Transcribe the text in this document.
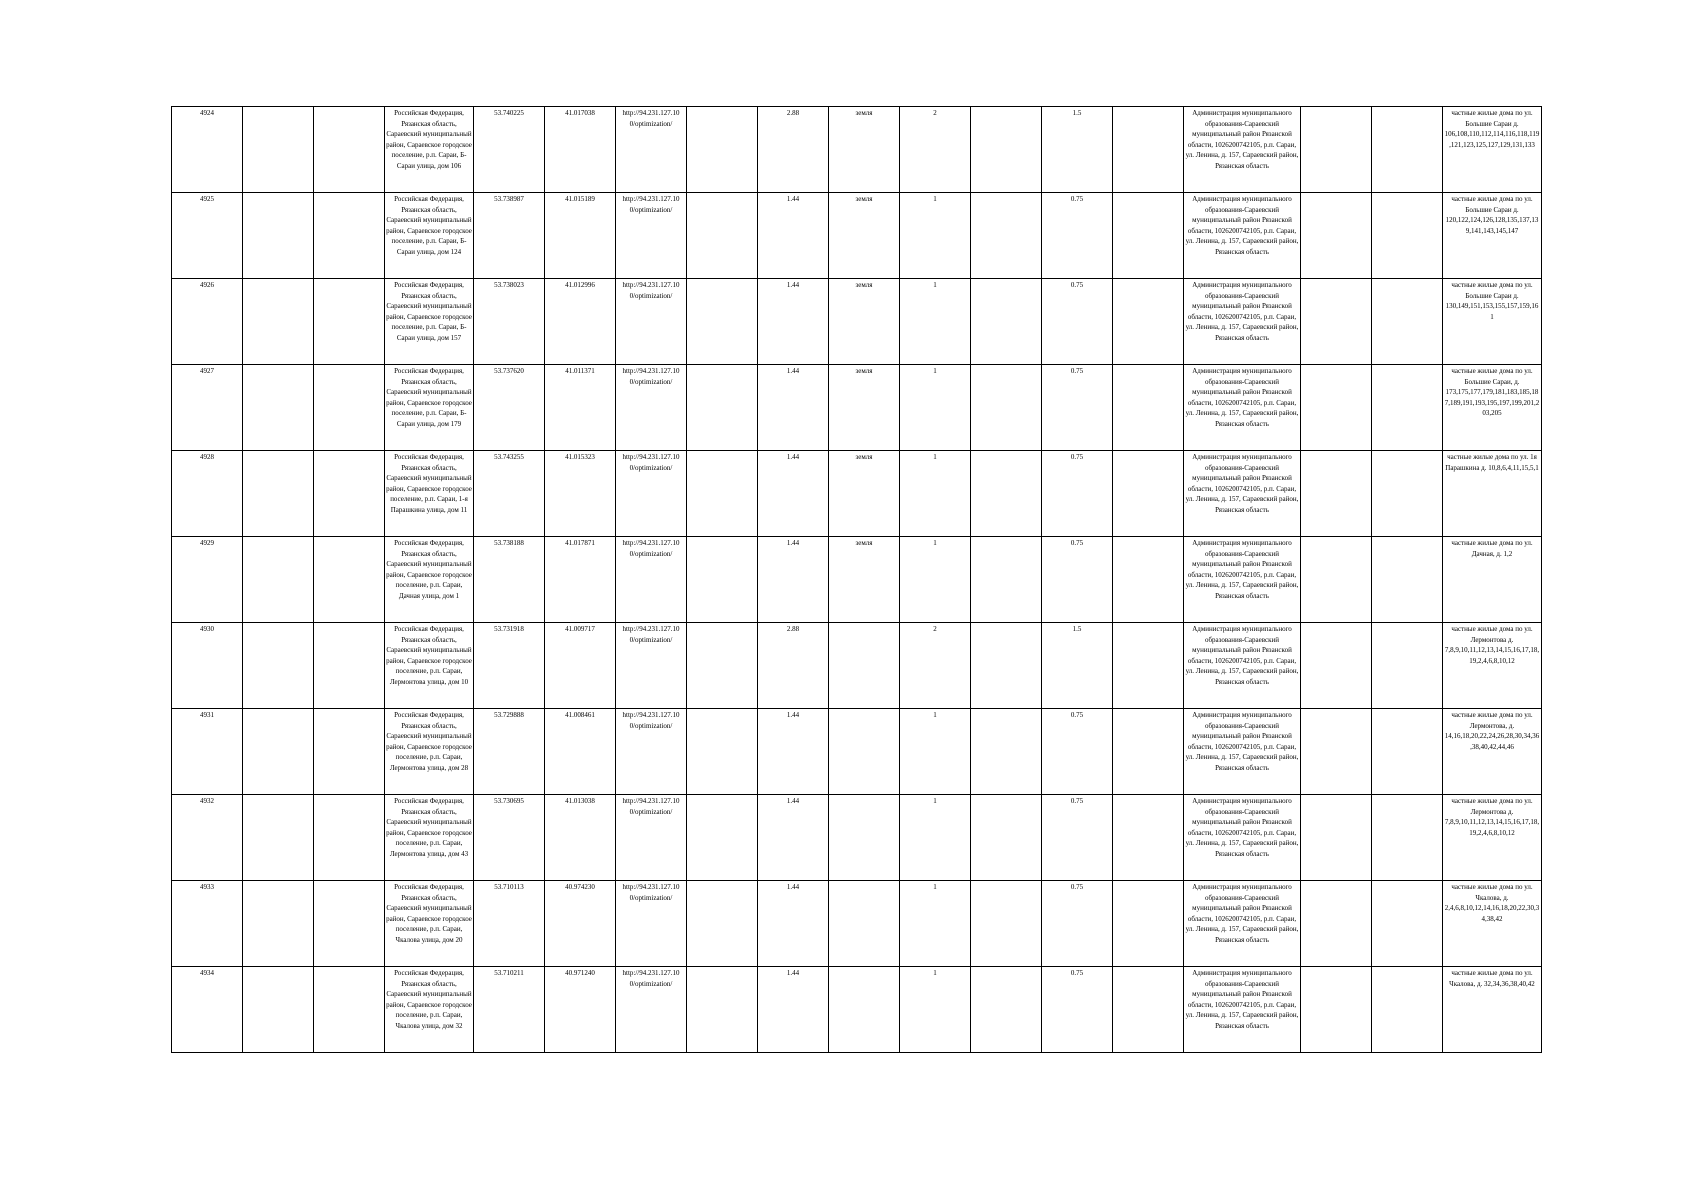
4924			Российская Федерация, Рязанская область, Сараевский муниципальный район, Сараевское городское поселение, р.п. Сараи, Б-Сараи улица, дом 106	53.740225	41.017038	http://94.231.127.10 0/optimization/		2.88	земля	2		1.5		Администрация муниципального образования-Сараевский муниципальный район Рязанской области, 1026200742105, р.п. Сараи, ул. Ленина, д. 157, Сараевский район, Рязанская область			частные жилые дома по ул. Большие Сараи д. 106,108,110,112,114,116,118,119,121,123,125,127,129,131,133
4925			Российская Федерация, Рязанская область, Сараевский муниципальный район, Сараевское городское поселение, р.п. Сараи, Б-Сараи улица, дом 124	53.738987	41.015189	http://94.231.127.10 0/optimization/		1.44	земля	1		0.75		Администрация муниципального образования-Сараевский муниципальный район Рязанской области, 1026200742105, р.п. Сараи, ул. Ленина, д. 157, Сараевский район, Рязанская область			частные жилые дома по ул. Большие Сараи д. 120,122,124,126,128,135,137,139,141,143,145,147
4926			Российская Федерация, Рязанская область, Сараевский муниципальный район, Сараевское городское поселение, р.п. Сараи, Б-Сараи улица, дом 157	53.738023	41.012996	http://94.231.127.10 0/optimization/		1.44	земля	1		0.75		Администрация муниципального образования-Сараевский муниципальный район Рязанской области, 1026200742105, р.п. Сараи, ул. Ленина, д. 157, Сараевский район, Рязанская область			частные жилые дома по ул. Большие Сараи д. 130,149,151,153,155,157,159,161
4927			Российская Федерация, Рязанская область, Сараевский муниципальный район, Сараевское городское поселение, р.п. Сараи, Б-Сараи улица, дом 179	53.737620	41.011371	http://94.231.127.10 0/optimization/		1.44	земля	1		0.75		Администрация муниципального образования-Сараевский муниципальный район Рязанской области, 1026200742105, р.п. Сараи, ул. Ленина, д. 157, Сараевский район, Рязанская область			частные жилые дома по ул. Большие Сараи, д. 173,175,177,179,181,183,185,187,189,191,193,195,197,199,201,203,205
4928			Российская Федерация, Рязанская область, Сараевский муниципальный район, Сараевское городское поселение, р.п. Сараи, 1-я Парашкина улица, дом 11	53.743255	41.015323	http://94.231.127.10 0/optimization/		1.44	земля	1		0.75		Администрация муниципального образования-Сараевский муниципальный район Рязанской области, 1026200742105, р.п. Сараи, ул. Ленина, д. 157, Сараевский район, Рязанская область			частные жилые дома по ул. 1я Парашкина д. 10,8,6,4,11,15,5,1
4929			Российская Федерация, Рязанская область, Сараевский муниципальный район, Сараевское городское поселение, р.п. Сараи, Дачная улица, дом 1	53.738188	41.017871	http://94.231.127.10 0/optimization/		1.44	земля	1		0.75		Администрация муниципального образования-Сараевский муниципальный район Рязанской области, 1026200742105, р.п. Сараи, ул. Ленина, д. 157, Сараевский район, Рязанская область			частные жилые дома по ул. Дачная, д. 1,2
4930			Российская Федерация, Рязанская область, Сараевский муниципальный район, Сараевское городское поселение, р.п. Сараи, Лермонтова улица, дом 10	53.731918	41.009717	http://94.231.127.10 0/optimization/		2.88		2		1.5		Администрация муниципального образования-Сараевский муниципальный район Рязанской области, 1026200742105, р.п. Сараи, ул. Ленина, д. 157, Сараевский район, Рязанская область			частные жилые дома по ул. Лермонтова д. 7,8,9,10,11,12,13,14,15,16,17,18,19,2,4,6,8,10,12
4931			Российская Федерация, Рязанская область, Сараевский муниципальный район, Сараевское городское поселение, р.п. Сараи, Лермонтова улица, дом 28	53.729888	41.008461	http://94.231.127.10 0/optimization/		1.44		1		0.75		Администрация муниципального образования-Сараевский муниципальный район Рязанской области, 1026200742105, р.п. Сараи, ул. Ленина, д. 157, Сараевский район, Рязанская область			частные жилые дома по ул. Лермонтова, д. 14,16,18,20,22,24,26,28,30,34,36,38,40,42,44,46
4932			Российская Федерация, Рязанская область, Сараевский муниципальный район, Сараевское городское поселение, р.п. Сараи, Лермонтова улица, дом 43	53.730695	41.013038	http://94.231.127.10 0/optimization/		1.44		1		0.75		Администрация муниципального образования-Сараевский муниципальный район Рязанской области, 1026200742105, р.п. Сараи, ул. Ленина, д. 157, Сараевский район, Рязанская область			частные жилые дома по ул. Лермонтова д. 7,8,9,10,11,12,13,14,15,16,17,18,19,2,4,6,8,10,12
4933			Российская Федерация, Рязанская область, Сараевский муниципальный район, Сараевское городское поселение, р.п. Сараи, Чкалова улица, дом 20	53.710113	40.974230	http://94.231.127.10 0/optimization/		1.44		1		0.75		Администрация муниципального образования-Сараевский муниципальный район Рязанской области, 1026200742105, р.п. Сараи, ул. Ленина, д. 157, Сараевский район, Рязанская область			частные жилые дома по ул. Чкалова, д. 2,4,6,8,10,12,14,16,18,20,22,30,34,38,42
4934			Российская Федерация, Рязанская область, Сараевский муниципальный район, Сараевское городское поселение, р.п. Сараи, Чкалова улица, дом 32	53.710211	40.971240	http://94.231.127.10 0/optimization/		1.44		1		0.75		Администрация муниципального образования-Сараевский муниципальный район Рязанской области, 1026200742105, р.п. Сараи, ул. Ленина, д. 157, Сараевский район, Рязанская область			частные жилые дома по ул. Чкалова, д. 32,34,36,38,40,42
